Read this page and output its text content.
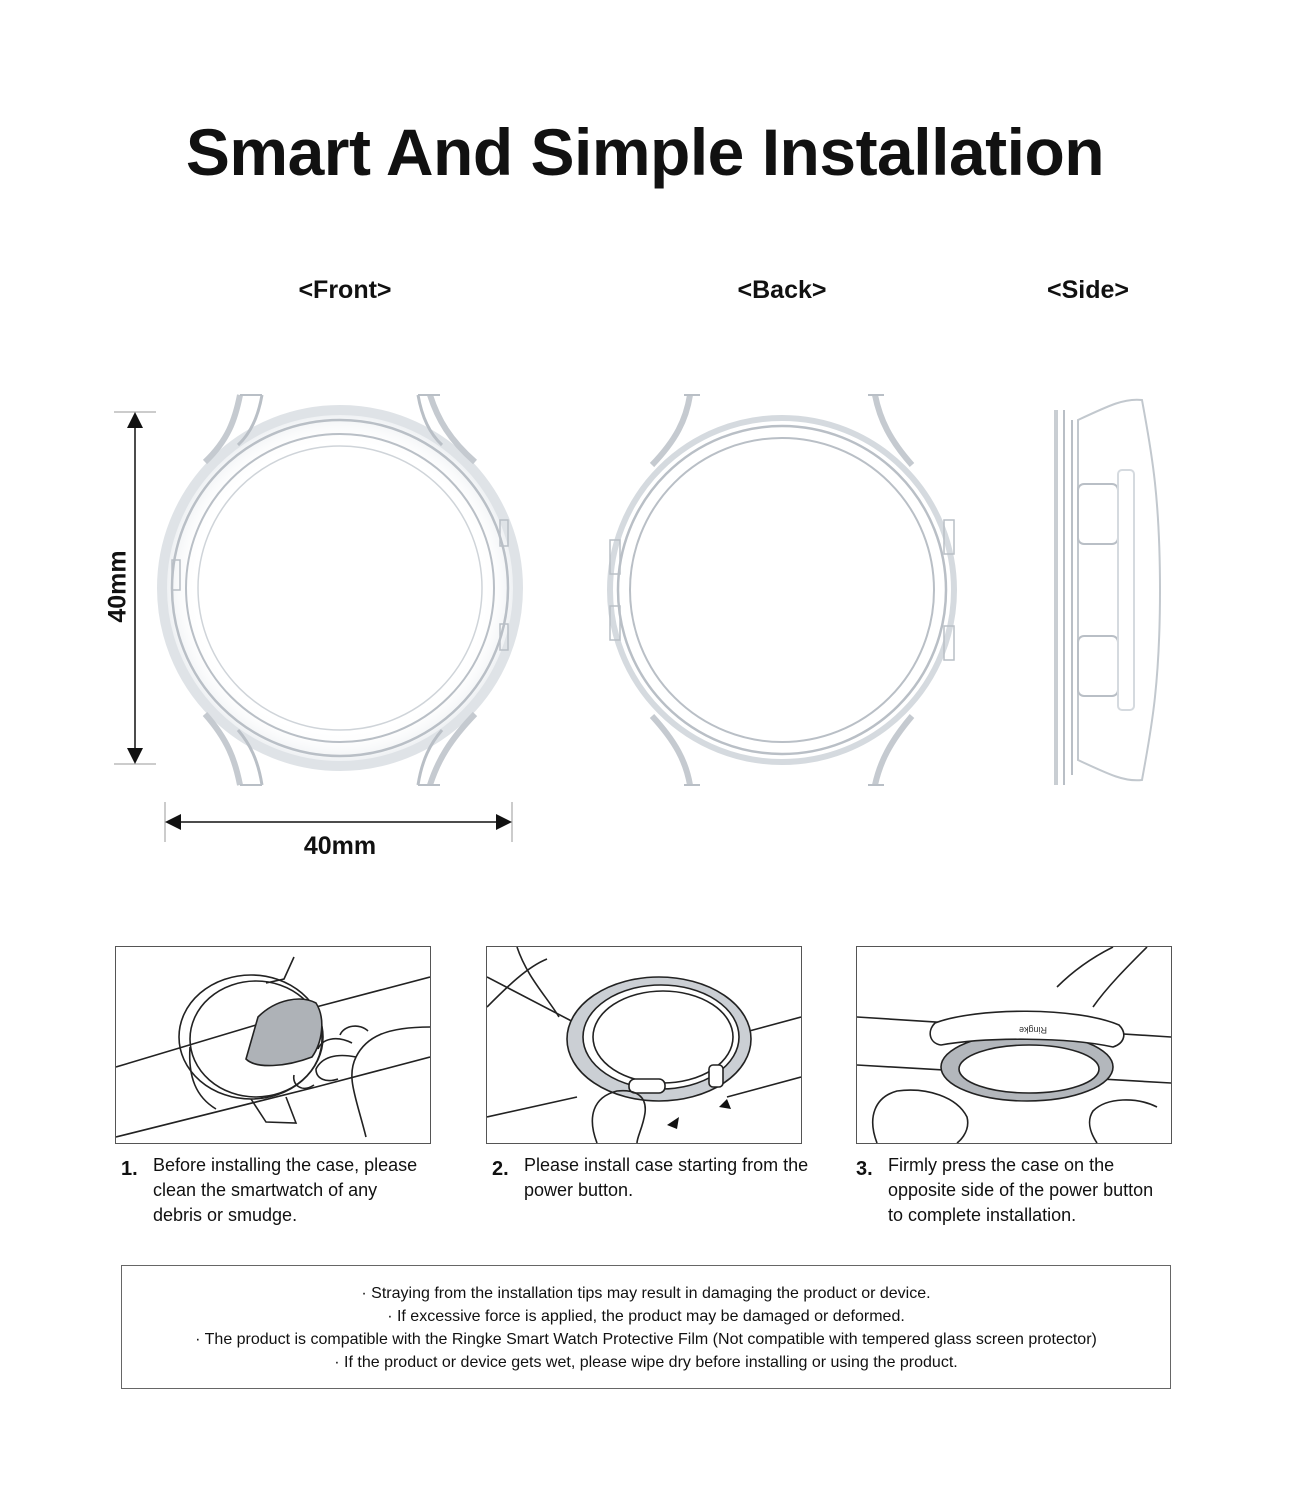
Smart And Simple Installation
<Front>	<Back>	<Side>
40mm
40mm
Ringke
1. Before installing the case, please clean the smartwatch of any debris or smudge.
2. Please install case starting from the power button.
3. Firmly press the case on the opposite side of the power button to complete installation.
· Straying from the installation tips may result in damaging the product or device.
· If excessive force is applied, the product may be damaged or deformed.
· The product is compatible with the Ringke Smart Watch Protective Film (Not compatible with tempered glass screen protector)
· If the product or device gets wet, please wipe dry before installing or using the product.
